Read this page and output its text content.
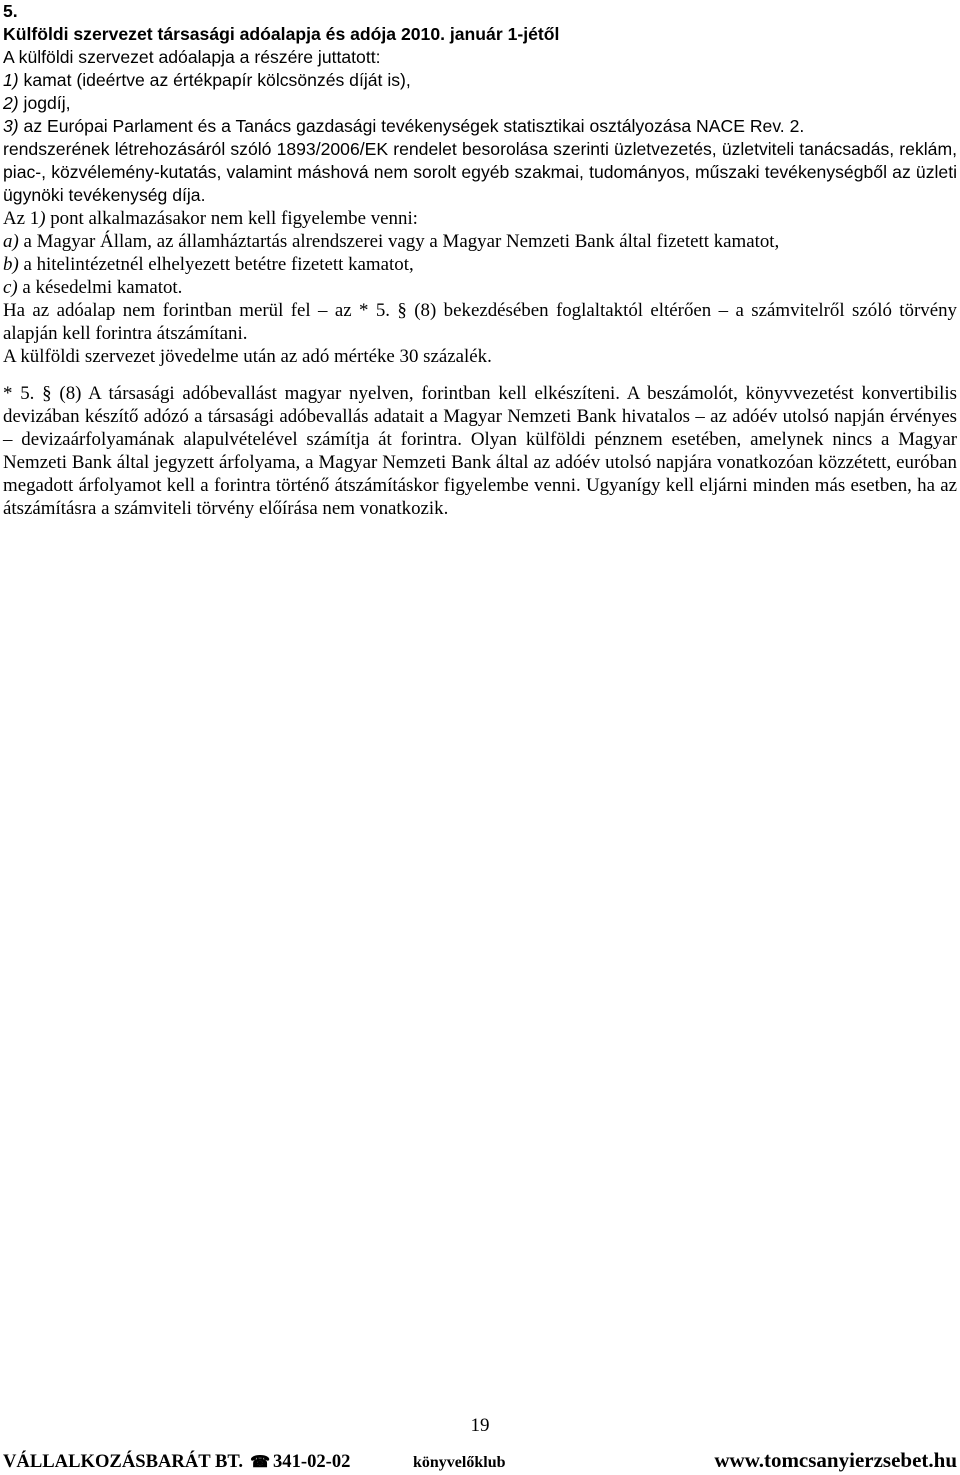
5.
Külföldi szervezet társasági adóalapja és adója 2010. január 1-jétől
A külföldi szervezet adóalapja a részére juttatott:
1) kamat (ideértve az értékpapír kölcsönzés díját is),
2) jogdíj,
3) az Európai Parlament és a Tanács gazdasági tevékenységek statisztikai osztályozása NACE Rev. 2.
rendszerének létrehozásáról szóló 1893/2006/EK rendelet besorolása szerinti üzletvezetés, üzletviteli tanácsadás, reklám, piac-, közvélemény-kutatás, valamint máshová nem sorolt egyéb szakmai, tudományos, műszaki tevékenységből az üzleti ügynöki tevékenység díja.
Az 1) pont alkalmazásakor nem kell figyelembe venni:
a) a Magyar Állam, az államháztartás alrendszerei vagy a Magyar Nemzeti Bank által fizetett kamatot,
b) a hitelintézetnél elhelyezett betétre fizetett kamatot,
c) a késedelmi kamatot.
Ha az adóalap nem forintban merül fel – az * 5. § (8) bekezdésében foglaltaktól eltérően – a számvitelről szóló törvény alapján kell forintra átszámítani.
A külföldi szervezet jövedelme után az adó mértéke 30 százalék.
* 5. § (8) A társasági adóbevallást magyar nyelven, forintban kell elkészíteni. A beszámolót, könyvvezetést konvertibilis devizában készítő adózó a társasági adóbevallás adatait a Magyar Nemzeti Bank hivatalos – az adóév utolsó napján érvényes – devizaárfolyamának alapulvételével számítja át forintra. Olyan külföldi pénznem esetében, amelynek nincs a Magyar Nemzeti Bank által jegyzett árfolyama, a Magyar Nemzeti Bank által az adóév utolsó napjára vonatkozóan közzétett, euróban megadott árfolyamot kell a forintra történő átszámításkor figyelembe venni. Ugyanígy kell eljárni minden más esetben, ha az átszámításra a számviteli törvény előírása nem vonatkozik.
19
VÁLLALKOZÁSBARÁT BT. ☎ 341-02-02	könyvelőklub	www.tomcsanyierzsebet.hu
